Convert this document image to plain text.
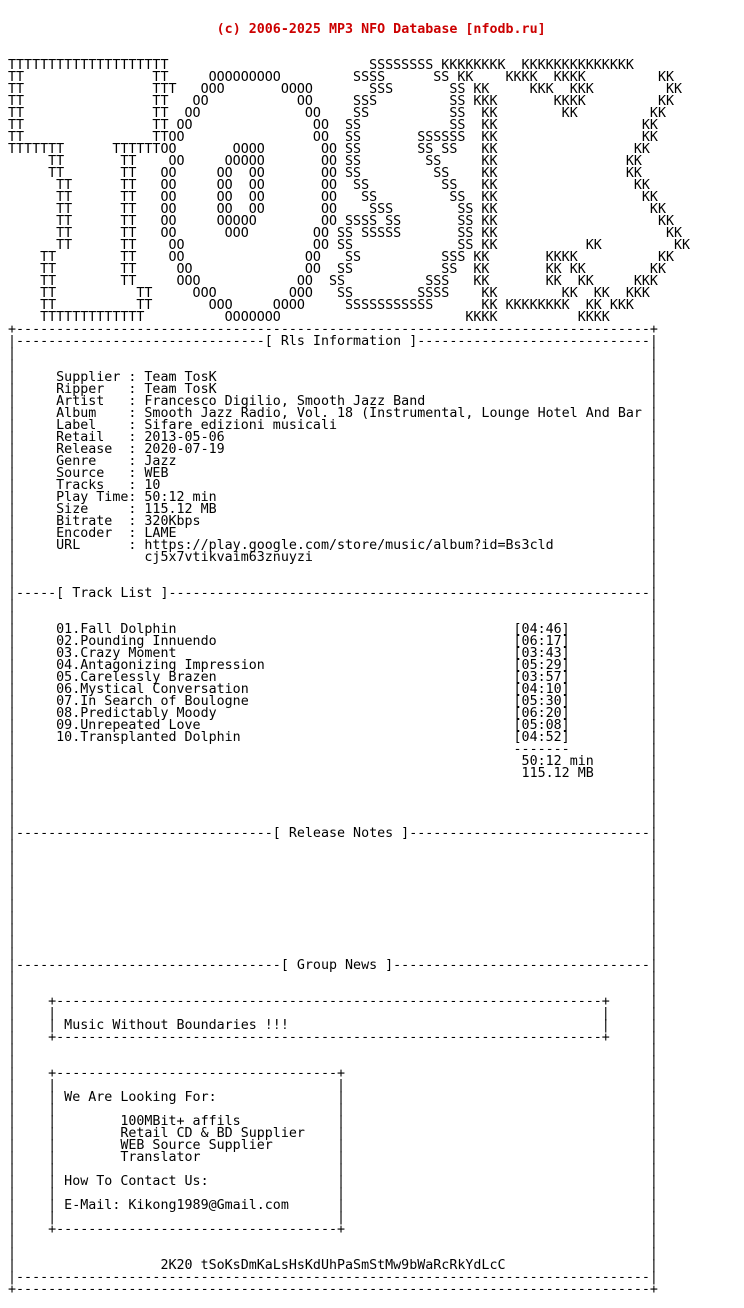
(c) 2006-2025 MP3 NFO Database [nfodb.ru]

TTTTTTTTTTTTTTTTTTTT                         SSSSSSSS KKKKKKKK  KKKKKKKKKKKKKK
TT                TT     OOOOOOOOO         SSSS      SS KK    KKKK  KKKK         KK
TT                TTT   OOO       OOOO       SSS       SS KK     KKK  KKK         KK
TT                TT   OO           OO     SSS         SS KKK       KKKK         KK
TT                TT  OO             OO    SS          SS  KK        KK         KK
TT                TT OO               OO  SS           SS  KK                  KK
TT                TTOO                OO  SS       SSSSSS  KK                  KK
TTTTTTT      TTTTTTOO       OOOO       OO SS       SS SS   KK                 KK
TT       TT    OO     OOOOO       OO SS        SS     KK                KK
TT       TT   OO     OO  OO       OO SS         SS    KK                KK
TT      TT   OO     OO  OO       OO  SS         SS   KK                 KK
TT      TT   OO     OO  OO       OO   SS         SS  KK                  KK
TT      TT   OO     OO  OO       OO    SSS        SS KK                   KK
TT      TT   OO     OOOOO        OO SSSS SS       SS KK                    KK
TT      TT   OO      OOO        OO SS SSSSS       SS KK                     KK
TT      TT    OO                OO SS             SS KK           KK         KK
TT        TT    OO               OO   SS          SSS KK       KKKK          KK
TT        TT     OO              OO  SS           SS  KK       KK KK        KK
TT        TT     OOO            OO  SS          SSS   KK       KK  KK     KKK
TT          TT     OOO         OOO   SS        SSSS    KK        KK  KK  KKK
TT          TT       OOO     OOOO     SSSSSSSSSSS      KK KKKKKKKK  KK KKK
TTTTTTTTTTTTT          OOOOOOO                       KKKK          KKKK
+-------------------------------------------------------------------------------+
|-------------------------------[ Rls Information ]-----------------------------|
|                                                                               |
|                                                                               |
|     Supplier : Team TosK                                                      |
|     Ripper   : Team TosK                                                      |
|     Artist   : Francesco Digilio, Smooth Jazz Band                            |
|     Album    : Smooth Jazz Radio, Vol. 18 (Instrumental, Lounge Hotel And Bar |
|     Label    : Sifare edizioni musicali                                       |
|     Retail   : 2013-05-06                                                     |
|     Release  : 2020-07-19                                                     |
|     Genre    : Jazz                                                           |
|     Source   : WEB                                                            |
|     Tracks   : 10                                                             |
|     Play Time: 50:12 min                                                      |
|     Size     : 115.12 MB                                                      |
|     Bitrate  : 320Kbps                                                        |
|     Encoder  : LAME                                                           |
|     URL      : https://play.google.com/store/music/album?id=Bs3cld            |
|                cj5x7vtikvaim63znuyzi                                          |
|                                                                               |
|                                                                               |
|-----[ Track List ]------------------------------------------------------------|
|                                                                               |
|                                                                               |
|     01.Fall Dolphin                                          [04:46]          |
|     02.Pounding Innuendo                                     [06:17]          |
|     03.Crazy Moment                                          [03:43]          |
|     04.Antagonizing Impression                               [05:29]          |
|     05.Carelessly Brazen                                     [03:57]          |
|     06.Mystical Conversation                                 [04:10]          |
|     07.In Search of Boulogne                                 [05:30]          |
|     08.Predictably Moody                                     [06:20]          |
|     09.Unrepeated Love                                       [05:08]          |
|     10.Transplanted Dolphin                                  [04:52]          |
|                                                              -------          |
|                                                               50:12 min       |
|                                                               115.12 MB       |
|                                                                               |
|                                                                               |
|                                                                               |
|                                                                               |
|--------------------------------[ Release Notes ]------------------------------|
|                                                                               |
|                                                                               |
|                                                                               |
|                                                                               |
|                                                                               |
|                                                                               |
|                                                                               |
|                                                                               |
|                                                                               |
|                                                                               |
|---------------------------------[ Group News ]--------------------------------|
|                                                                               |
|                                                                               |
|    +--------------------------------------------------------------------+     |
|    |                                                                    |     |
|    | Music Without Boundaries !!!                                       |     |
|    +--------------------------------------------------------------------+     |
|                                                                               |
|                                                                               |
|    +-----------------------------------+                                      |
|    |                                   |                                      |
|    | We Are Looking For:               |                                      |
|    |                                   |                                      |
|    |        100MBit+ affils            |                                      |
|    |        Retail CD & BD Supplier    |                                      |
|    |        WEB Source Supplier        |                                      |
|    |        Translator                 |                                      |
|    |                                   |                                      |
|    | How To Contact Us:                |                                      |
|    |                                   |                                      |
|    | E-Mail: Kikong1989@Gmail.com      |                                      |
|    |                                   |                                      |
|    +-----------------------------------+                                      |
|                                                                               |
|                                                                               |
|                  2K20 tSoKsDmKaLsHsKdUhPaSmStMw9bWaRcRkYdLcC                  |
|-------------------------------------------------------------------------------|
+-------------------------------------------------------------------------------+
